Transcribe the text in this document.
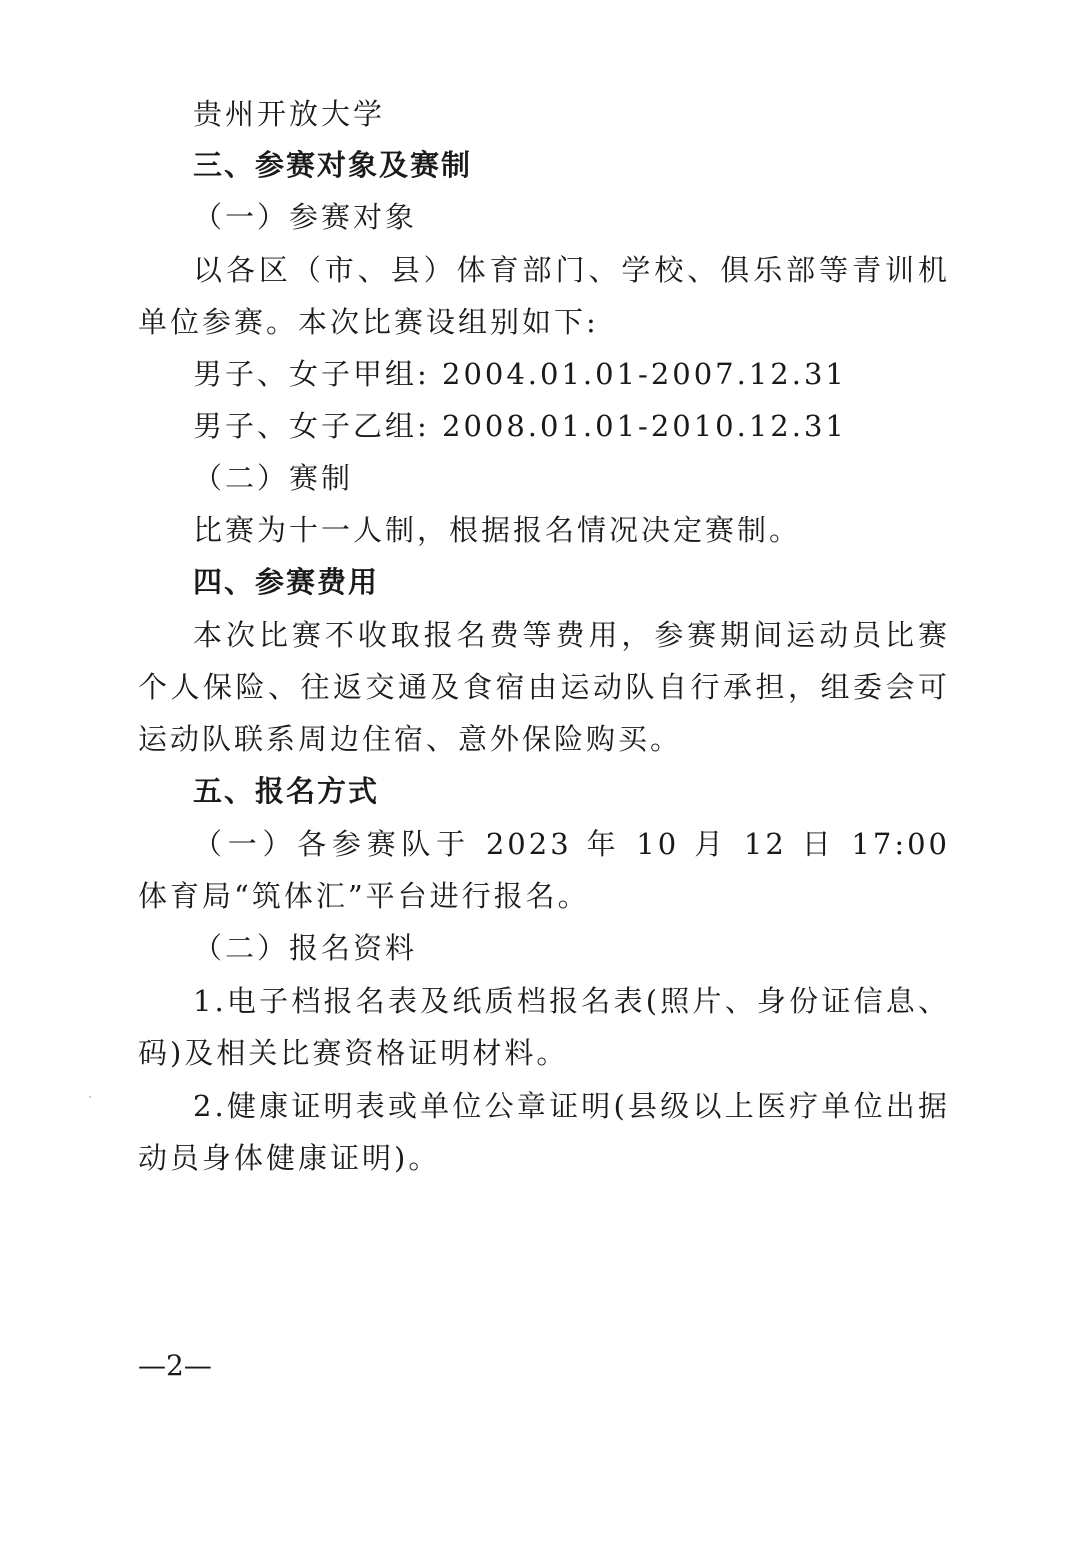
贵州开放大学
三、参赛对象及赛制
（一）参赛对象
以各区（市、县）体育部门、学校、俱乐部等青训机
单位参赛。本次比赛设组别如下:
男子、女子甲组: 2004.01.01-2007.12.31
男子、女子乙组: 2008.01.01-2010.12.31
（二）赛制
比赛为十一人制，根据报名情况决定赛制。
四、参赛费用
本次比赛不收取报名费等费用，参赛期间运动员比赛
个人保险、往返交通及食宿由运动队自行承担，组委会可
运动队联系周边住宿、意外保险购买。
五、报名方式
（一）各参赛队于 2023 年 10 月 12 日 17:00
体育局“筑体汇”平台进行报名。
（二）报名资料
1.电子档报名表及纸质档报名表(照片、身份证信息、
码)及相关比赛资格证明材料。
2.健康证明表或单位公章证明(县级以上医疗单位出据
动员身体健康证明)。
—2—
